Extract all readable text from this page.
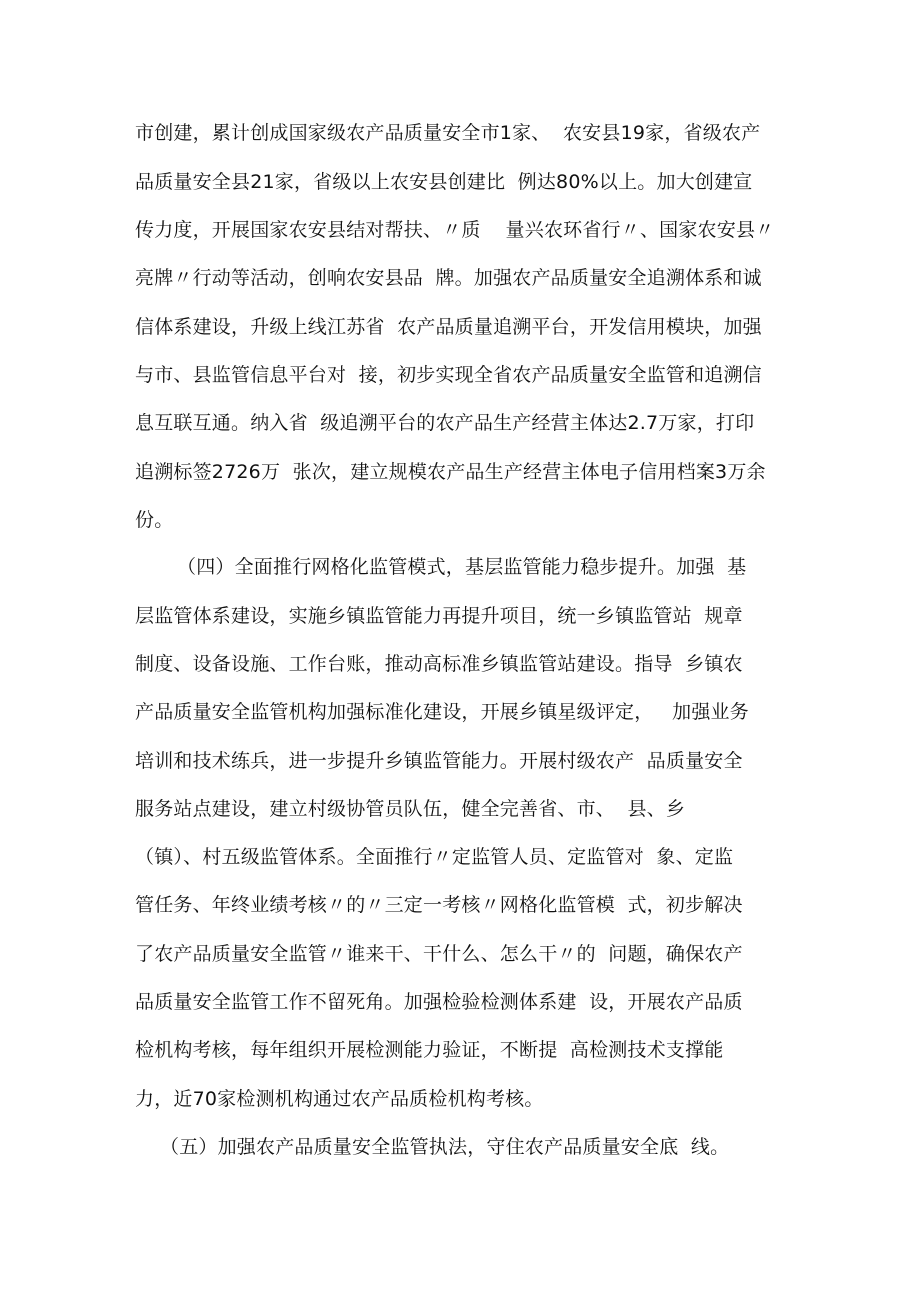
市创建，累计创成国家级农产品质量安全市1家、  农安县19家，省级农产
品质量安全县21家，省级以上农安县创建比  例达80%以上。加大创建宣
传力度，开展国家农安县结对帮扶、〃质    量兴农环省行〃、国家农安县〃
亮牌〃行动等活动，创响农安县品  牌。加强农产品质量安全追溯体系和诚
信体系建设，升级上线江苏省  农产品质量追溯平台，开发信用模块，加强
与市、县监管信息平台对  接，初步实现全省农产品质量安全监管和追溯信
息互联互通。纳入省  级追溯平台的农产品生产经营主体达2.7万家，打印
追溯标签2726万  张次，建立规模农产品生产经营主体电子信用档案3万余
份。
（四）全面推行网格化监管模式，基层监管能力稳步提升。加强  基
层监管体系建设，实施乡镇监管能力再提升项目，统一乡镇监管站  规章
制度、设备设施、工作台账，推动高标准乡镇监管站建设。指导  乡镇农
产品质量安全监管机构加强标准化建设，开展乡镇星级评定，   加强业务
培训和技术练兵，进一步提升乡镇监管能力。开展村级农产  品质量安全
服务站点建设，建立村级协管员队伍，健全完善省、市、  县、乡
（镇）、村五级监管体系。全面推行〃定监管人员、定监管对  象、定监
管任务、年终业绩考核〃的〃三定一考核〃网格化监管模  式，初步解决
了农产品质量安全监管〃谁来干、干什么、怎么干〃的  问题，确保农产
品质量安全监管工作不留死角。加强检验检测体系建  设，开展农产品质
检机构考核，每年组织开展检测能力验证，不断提  高检测技术支撑能
力，近70家检测机构通过农产品质检机构考核。
（五）加强农产品质量安全监管执法，守住农产品质量安全底  线。
